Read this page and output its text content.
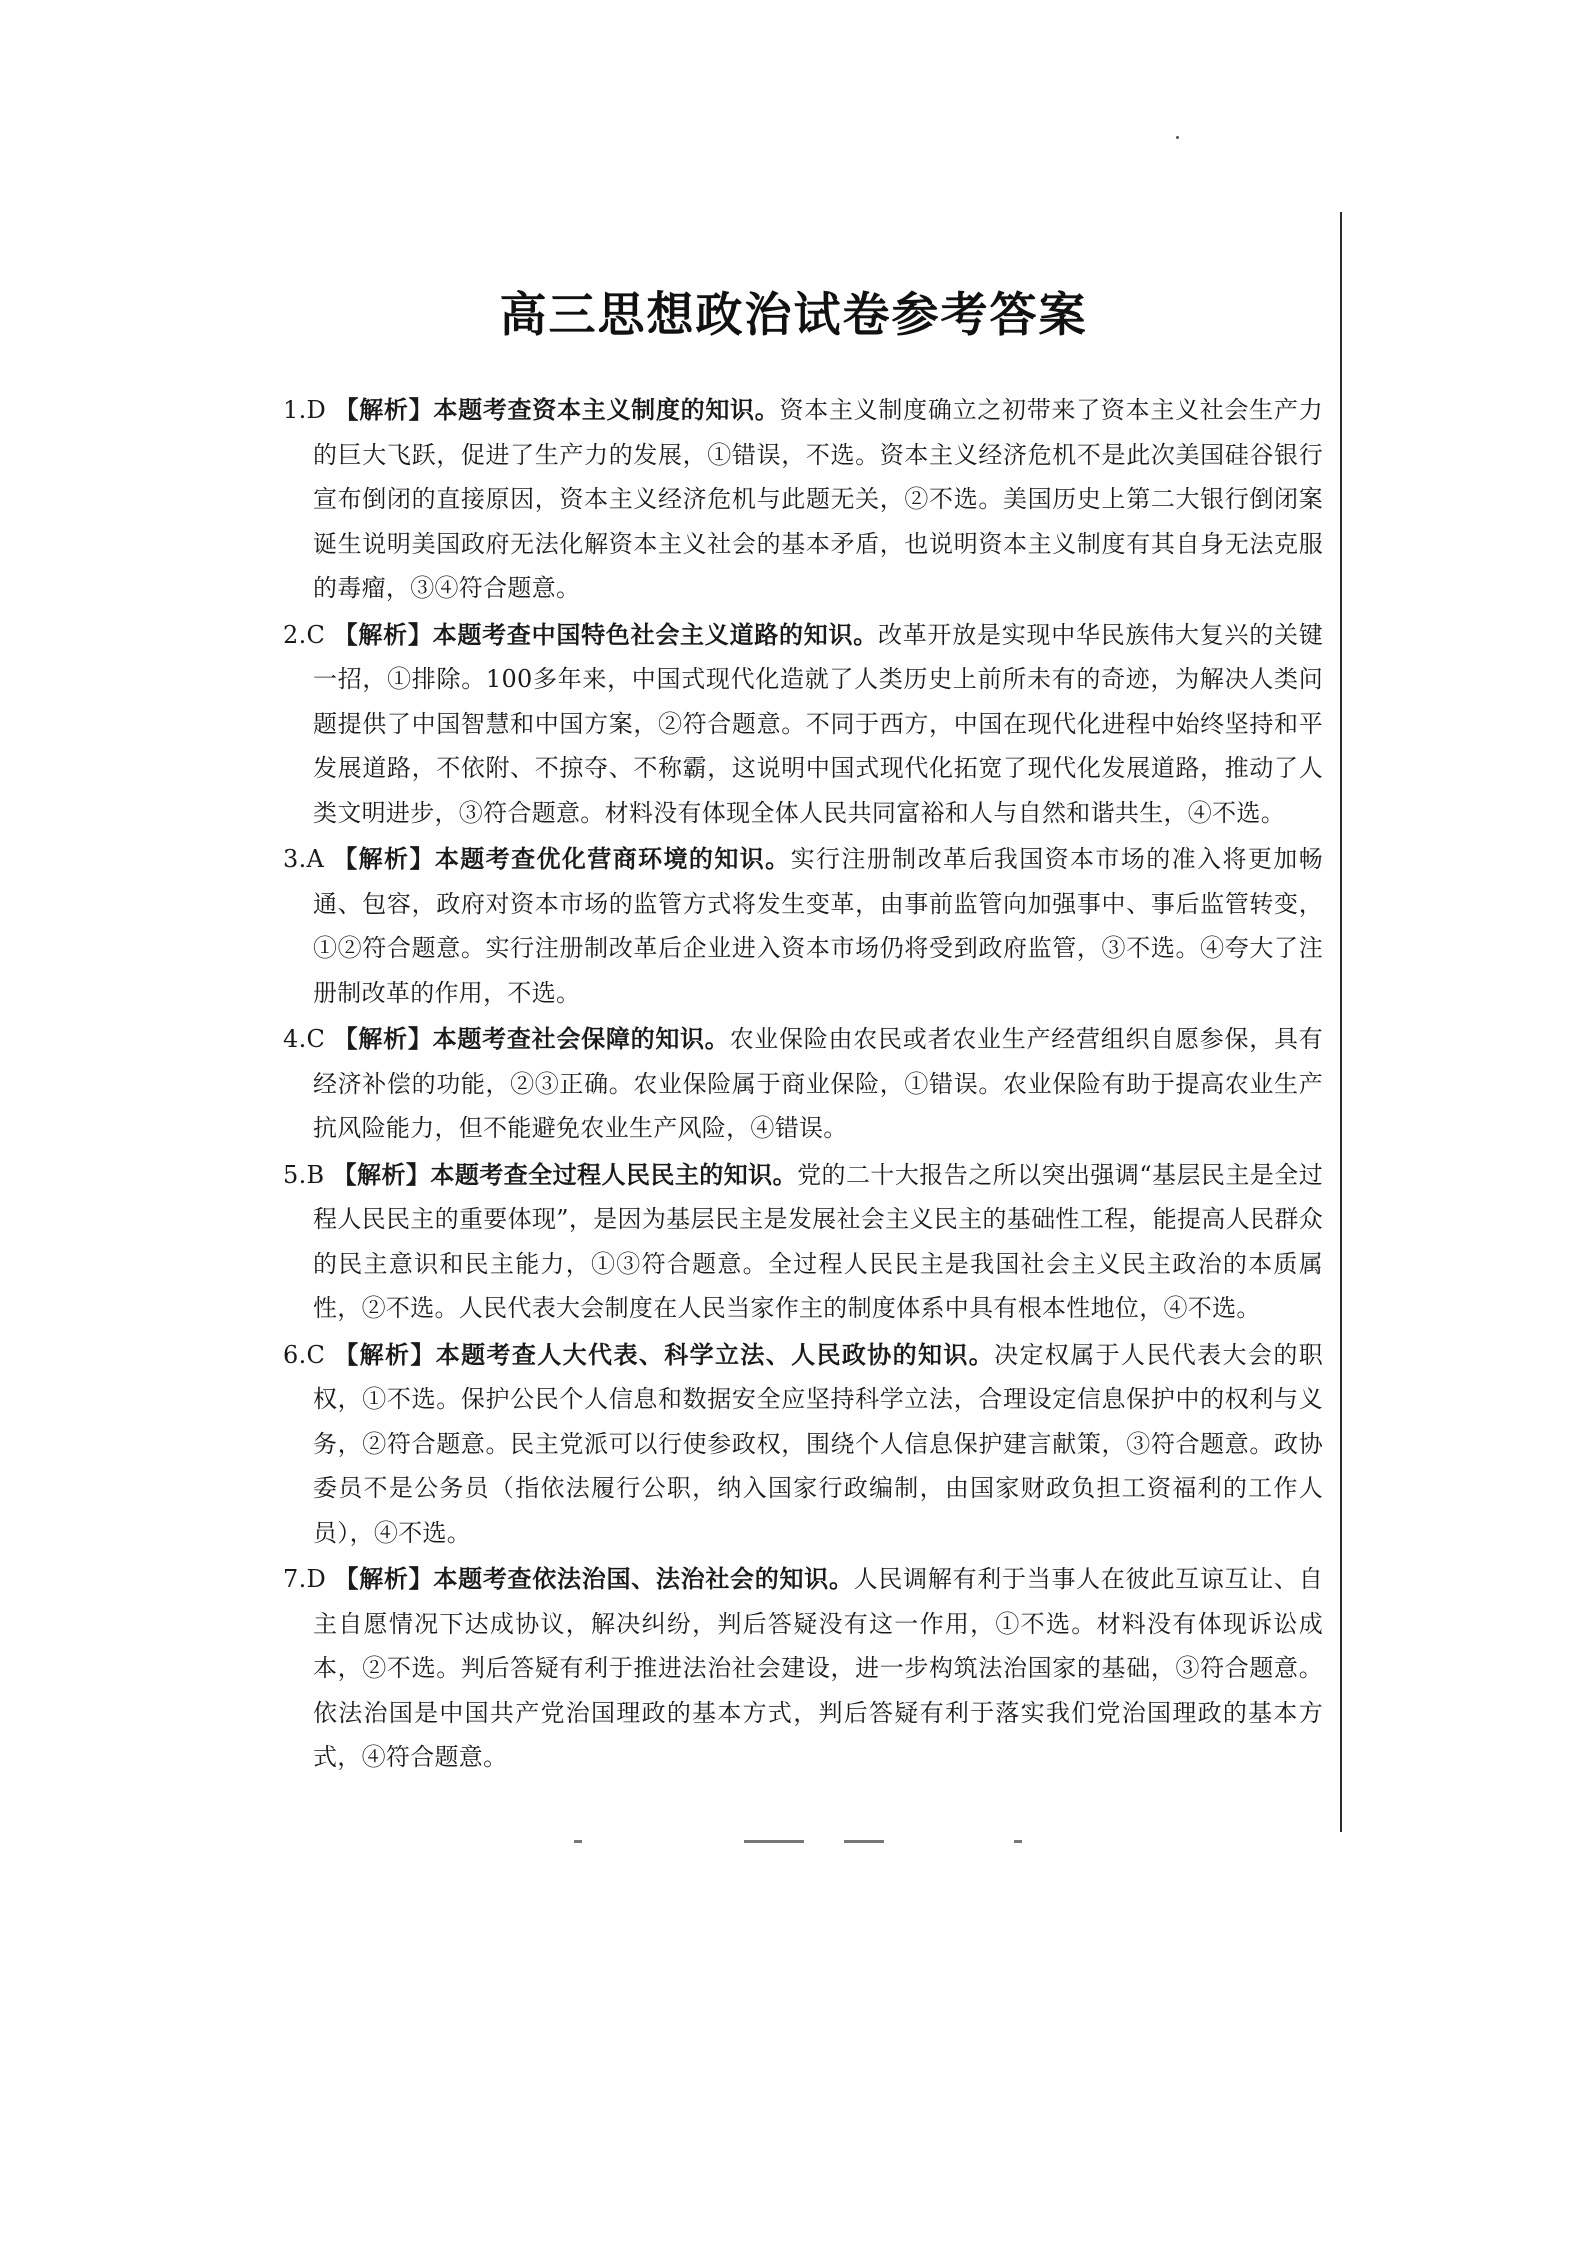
高三思想政治试卷参考答案
1.D 【解析】本题考查资本主义制度的知识。资本主义制度确立之初带来了资本主义社会生产力的巨大飞跃，促进了生产力的发展，①错误，不选。资本主义经济危机不是此次美国硅谷银行宣布倒闭的直接原因，资本主义经济危机与此题无关，②不选。美国历史上第二大银行倒闭案诞生说明美国政府无法化解资本主义社会的基本矛盾，也说明资本主义制度有其自身无法克服的毒瘤，③④符合题意。
2.C 【解析】本题考查中国特色社会主义道路的知识。改革开放是实现中华民族伟大复兴的关键一招，①排除。100多年来，中国式现代化造就了人类历史上前所未有的奇迹，为解决人类问题提供了中国智慧和中国方案，②符合题意。不同于西方，中国在现代化进程中始终坚持和平发展道路，不依附、不掠夺、不称霸，这说明中国式现代化拓宽了现代化发展道路，推动了人类文明进步，③符合题意。材料没有体现全体人民共同富裕和人与自然和谐共生，④不选。
3.A 【解析】本题考查优化营商环境的知识。实行注册制改革后我国资本市场的准入将更加畅通、包容，政府对资本市场的监管方式将发生变革，由事前监管向加强事中、事后监管转变，①②符合题意。实行注册制改革后企业进入资本市场仍将受到政府监管，③不选。④夸大了注册制改革的作用，不选。
4.C 【解析】本题考查社会保障的知识。农业保险由农民或者农业生产经营组织自愿参保，具有经济补偿的功能，②③正确。农业保险属于商业保险，①错误。农业保险有助于提高农业生产抗风险能力，但不能避免农业生产风险，④错误。
5.B 【解析】本题考查全过程人民民主的知识。党的二十大报告之所以突出强调“基层民主是全过程人民民主的重要体现”，是因为基层民主是发展社会主义民主的基础性工程，能提高人民群众的民主意识和民主能力，①③符合题意。全过程人民民主是我国社会主义民主政治的本质属性，②不选。人民代表大会制度在人民当家作主的制度体系中具有根本性地位，④不选。
6.C 【解析】本题考查人大代表、科学立法、人民政协的知识。决定权属于人民代表大会的职权，①不选。保护公民个人信息和数据安全应坚持科学立法，合理设定信息保护中的权利与义务，②符合题意。民主党派可以行使参政权，围绕个人信息保护建言献策，③符合题意。政协委员不是公务员（指依法履行公职，纳入国家行政编制，由国家财政负担工资福利的工作人员），④不选。
7.D 【解析】本题考查依法治国、法治社会的知识。人民调解有利于当事人在彼此互谅互让、自主自愿情况下达成协议，解决纠纷，判后答疑没有这一作用，①不选。材料没有体现诉讼成本，②不选。判后答疑有利于推进法治社会建设，进一步构筑法治国家的基础，③符合题意。依法治国是中国共产党治国理政的基本方式，判后答疑有利于落实我们党治国理政的基本方式，④符合题意。
